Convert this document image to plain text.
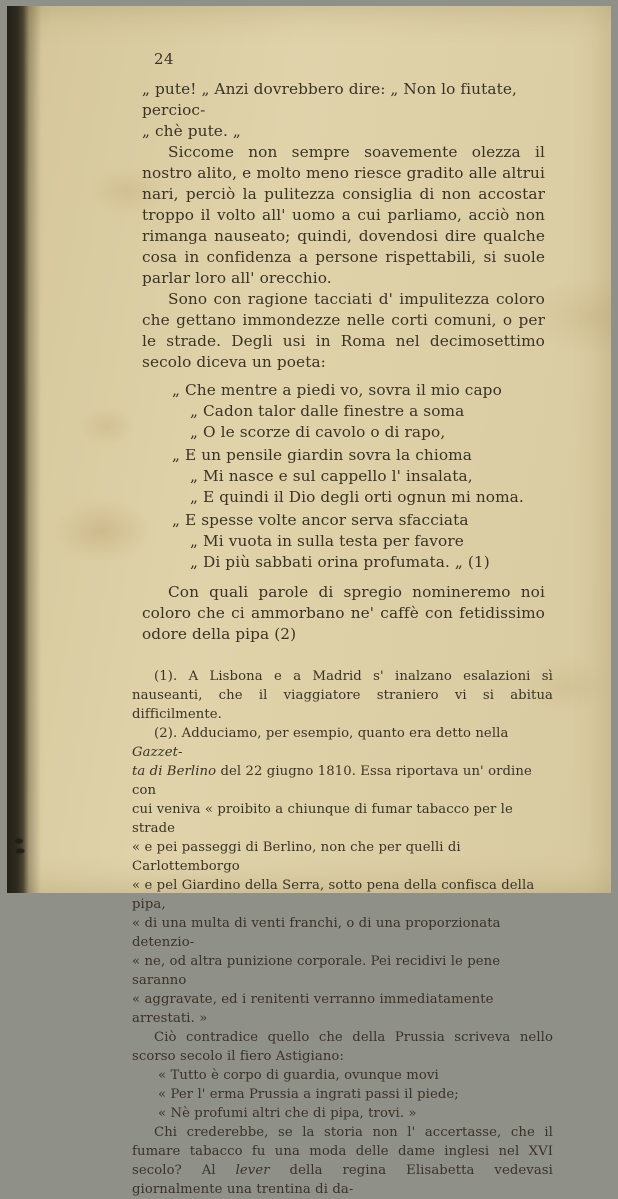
24
„ pute! „ Anzi dovrebbero dire: „ Non lo fiutate, percioc-
„ chè pute. „

Siccome non sempre soavemente olezza il nostro alito, e molto meno riesce gradito alle altrui nari, perciò la pulitezza consiglia di non accostar troppo il volto all' uomo a cui parliamo, acciò non rimanga nauseato; quindi, dovendosi dire qualche cosa in confidenza a persone rispettabili, si suole parlar loro all' orecchio.

Sono con ragione tacciati d' impulitezza coloro che gettano immondezze nelle corti comuni, o per le strade. Degli usi in Roma nel decimosettimo secolo diceva un poeta:

„ Che mentre a piedi vo, sovra il mio capo
„ Cadon talor dalle finestre a soma
„ O le scorze di cavolo o di rapo,
„ E un pensile giardin sovra la chioma
„ Mi nasce e sul cappello l' insalata,
„ E quindi il Dio degli orti ognun mi noma.
„ E spesse volte ancor serva sfacciata
„ Mi vuota in sulla testa per favore
„ Di più sabbati orina profumata. „ (1)

Con quali parole di spregio nomineremo noi coloro che ci ammorbano ne' caffè con fetidissimo odore della pipa (2)

(1). A Lisbona e a Madrid s' inalzano esalazioni sì nauseanti, che il viaggiatore straniero vi si abitua difficilmente.

(2). Adduciamo, per esempio, quanto era detto nella Gazzet-
ta di Berlino del 22 giugno 1810. Essa riportava un' ordine con
cui veniva « proibito a chiunque di fumar tabacco per le strade
« e pei passeggi di Berlino, non che per quelli di Carlottemborgo
« e pel Giardino della Serra, sotto pena della confisca della pipa,
« di una multa di venti franchi, o di una proporzionata detenzio-
« ne, od altra punizione corporale. Pei recidivi le pene saranno
« aggravate, ed i renitenti verranno immediatamente arrestati. »

Ciò contradice quello che della Prussia scriveva nello scorso secolo il fiero Astigiano:

« Tutto è corpo di guardia, ovunque movi
« Per l' erma Prussia a ingrati passi il piede;
« Nè profumi altri che di pipa, trovi. »

Chi crederebbe, se la storia non l' accertasse, che il fumare tabacco fu una moda delle dame inglesi nel XVI secolo? Al lever della regina Elisabetta vedevasi giornalmente una trentina di da-
